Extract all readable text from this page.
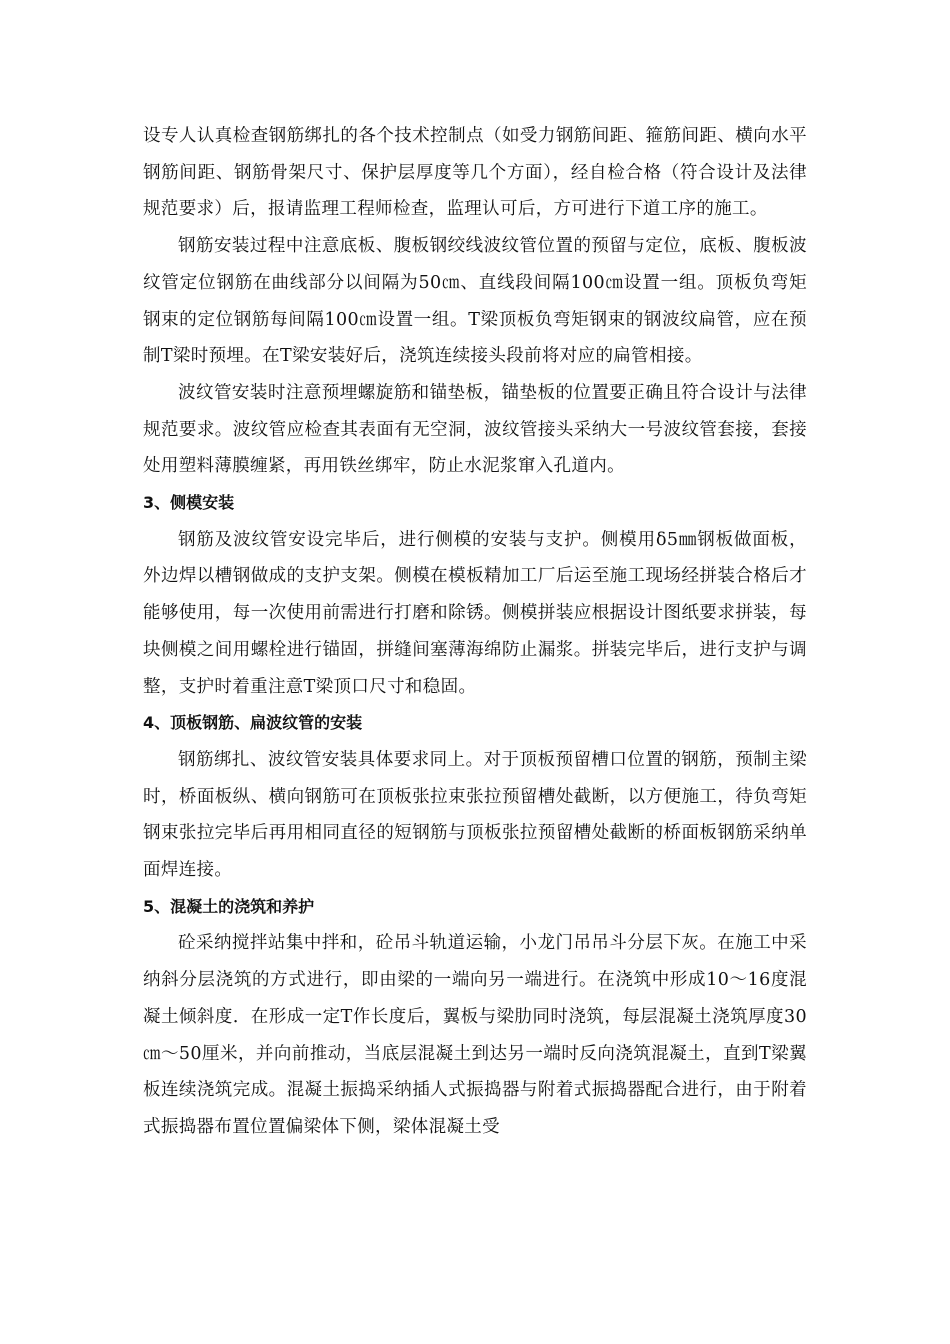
设专人认真检查钢筋绑扎的各个技术控制点（如受力钢筋间距、箍筋间距、横向水平钢筋间距、钢筋骨架尺寸、保护层厚度等几个方面），经自检合格（符合设计及法律规范要求）后，报请监理工程师检查，监理认可后，方可进行下道工序的施工。

钢筋安装过程中注意底板、腹板钢绞线波纹管位置的预留与定位，底板、腹板波纹管定位钢筋在曲线部分以间隔为50㎝、直线段间隔100㎝设置一组。顶板负弯矩钢束的定位钢筋每间隔100㎝设置一组。T梁顶板负弯矩钢束的钢波纹扁管，应在预制T梁时预埋。在T梁安装好后，浇筑连续接头段前将对应的扁管相接。

波纹管安装时注意预埋螺旋筋和锚垫板，锚垫板的位置要正确且符合设计与法律规范要求。波纹管应检查其表面有无空洞，波纹管接头采纳大一号波纹管套接，套接处用塑料薄膜缠紧，再用铁丝绑牢，防止水泥浆窜入孔道内。

3、侧模安装

钢筋及波纹管安设完毕后，进行侧模的安装与支护。侧模用δ5㎜钢板做面板，外边焊以槽钢做成的支护支架。侧模在模板精加工厂后运至施工现场经拼装合格后才能够使用，每一次使用前需进行打磨和除锈。侧模拼装应根据设计图纸要求拼装，每块侧模之间用螺栓进行锚固，拼缝间塞薄海绵防止漏浆。拼装完毕后，进行支护与调整，支护时着重注意T梁顶口尺寸和稳固。

4、顶板钢筋、扁波纹管的安装

钢筋绑扎、波纹管安装具体要求同上。对于顶板预留槽口位置的钢筋，预制主梁时，桥面板纵、横向钢筋可在顶板张拉束张拉预留槽处截断，以方便施工，待负弯矩钢束张拉完毕后再用相同直径的短钢筋与顶板张拉预留槽处截断的桥面板钢筋采纳单面焊连接。

5、混凝土的浇筑和养护

砼采纳搅拌站集中拌和，砼吊斗轨道运输，小龙门吊吊斗分层下灰。在施工中采纳斜分层浇筑的方式进行，即由梁的一端向另一端进行。在浇筑中形成10～16度混凝土倾斜度．在形成一定T作长度后，翼板与梁肋同时浇筑，每层混凝土浇筑厚度30 ㎝～50厘米，并向前推动，当底层混凝土到达另一端时反向浇筑混凝土，直到T梁翼板连续浇筑完成。混凝土振捣采纳插人式振捣器与附着式振捣器配合进行，由于附着式振捣器布置位置偏梁体下侧，梁体混凝土受
